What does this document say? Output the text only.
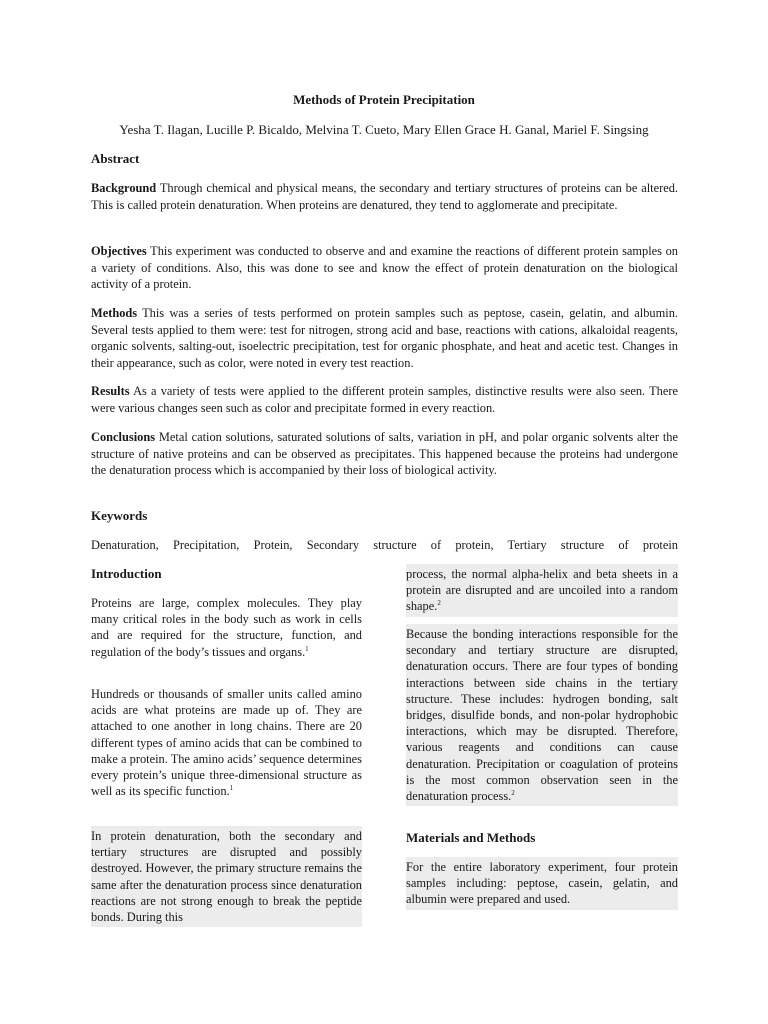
Methods of Protein Precipitation
Yesha T. Ilagan, Lucille P. Bicaldo, Melvina T. Cueto, Mary Ellen Grace H. Ganal, Mariel F. Singsing

Abstract

Background Through chemical and physical means, the secondary and tertiary structures of proteins can be altered. This is called protein denaturation. When proteins are denatured, they tend to agglomerate and precipitate.

Objectives This experiment was conducted to observe and and examine the reactions of different protein samples on a variety of conditions. Also, this was done to see and know the effect of protein denaturation on the biological activity of a protein.

Methods This was a series of tests performed on protein samples such as peptose, casein, gelatin, and albumin. Several tests applied to them were: test for nitrogen, strong acid and base, reactions with cations, alkaloidal reagents, organic solvents, salting-out, isoelectric precipitation, test for organic phosphate, and heat and acetic test. Changes in their appearance, such as color, were noted in every test reaction.

Results As a variety of tests were applied to the different protein samples, distinctive results were also seen. There were various changes seen such as color and precipitate formed in every reaction.

Conclusions Metal cation solutions, saturated solutions of salts, variation in pH, and polar organic solvents alter the structure of native proteins and can be observed as precipitates. This happened because the proteins had undergone the denaturation process which is accompanied by their loss of biological activity.

Keywords

Denaturation, Precipitation, Protein, Secondary structure of protein, Tertiary structure of protein

Introduction

Proteins are large, complex molecules. They play many critical roles in the body such as work in cells and are required for the structure, function, and regulation of the body’s tissues and organs.$^1$

Hundreds or thousands of smaller units called amino acids are what proteins are made up of. They are attached to one another in long chains. There are 20 different types of amino acids that can be combined to make a protein. The amino acids’ sequence determines every protein’s unique three-dimensional structure as well as its specific function.$^1$

In protein denaturation, both the secondary and tertiary structures are disrupted and possibly destroyed. However, the primary structure remains the same after the denaturation process since denaturation reactions are not strong enough to break the peptide bonds. During this

process, the normal alpha-helix and beta sheets in a protein are disrupted and are uncoiled into a random shape.$^2$

Because the bonding interactions responsible for the secondary and tertiary structure are disrupted, denaturation occurs. There are four types of bonding interactions between side chains in the tertiary structure. These includes: hydrogen bonding, salt bridges, disulfide bonds, and non-polar hydrophobic interactions, which may be disrupted. Therefore, various reagents and conditions can cause denaturation. Precipitation or coagulation of proteins is the most common observation seen in the denaturation process.$^2$

Materials and Methods

For the entire laboratory experiment, four protein samples including: peptose, casein, gelatin, and albumin were prepared and used.
